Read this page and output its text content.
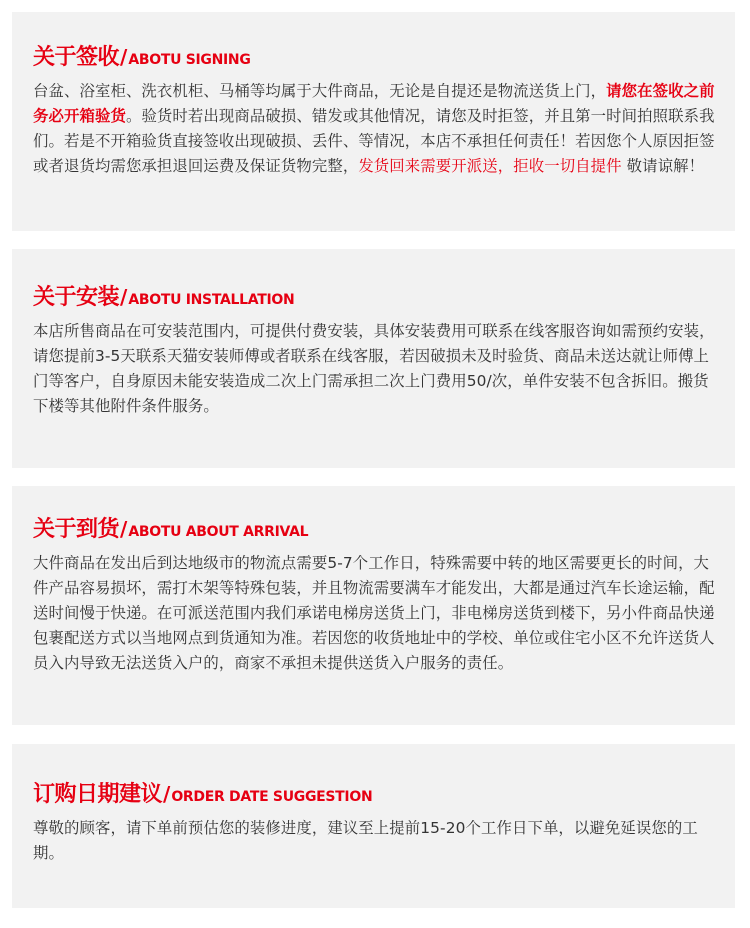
关于签收/ABOTU SIGNING

台盆、浴室柜、洗衣机柜、马桶等均属于大件商品，无论是自提还是物流送货上门，请您在签收之前务必开箱验货。验货时若出现商品破损、错发或其他情况，请您及时拒签，并且第一时间拍照联系我们。若是不开箱验货直接签收出现破损、丢件、等情况，本店不承担任何责任！若因您个人原因拒签或者退货均需您承担退回运费及保证货物完整，发货回来需要开派送，拒收一切自提件 敬请谅解！

关于安装/ABOTU INSTALLATION

本店所售商品在可安装范围内，可提供付费安装，具体安装费用可联系在线客服咨询如需预约安装，请您提前3-5天联系天猫安装师傅或者联系在线客服，若因破损未及时验货、商品未送达就让师傅上门等客户，自身原因未能安装造成二次上门需承担二次上门费用50/次，单件安装不包含拆旧。搬货下楼等其他附件条件服务。

关于到货/ABOTU ABOUT ARRIVAL

大件商品在发出后到达地级市的物流点需要5-7个工作日，特殊需要中转的地区需要更长的时间，大件产品容易损坏，需打木架等特殊包装，并且物流需要满车才能发出，大都是通过汽车长途运输，配送时间慢于快递。在可派送范围内我们承诺电梯房送货上门，非电梯房送货到楼下，另小件商品快递包裹配送方式以当地网点到货通知为准。若因您的收货地址中的学校、单位或住宅小区不允许送货人员入内导致无法送货入户的，商家不承担未提供送货入户服务的责任。

订购日期建议/ORDER DATE SUGGESTION

尊敬的顾客，请下单前预估您的装修进度，建议至上提前15-20个工作日下单，以避免延误您的工期。
